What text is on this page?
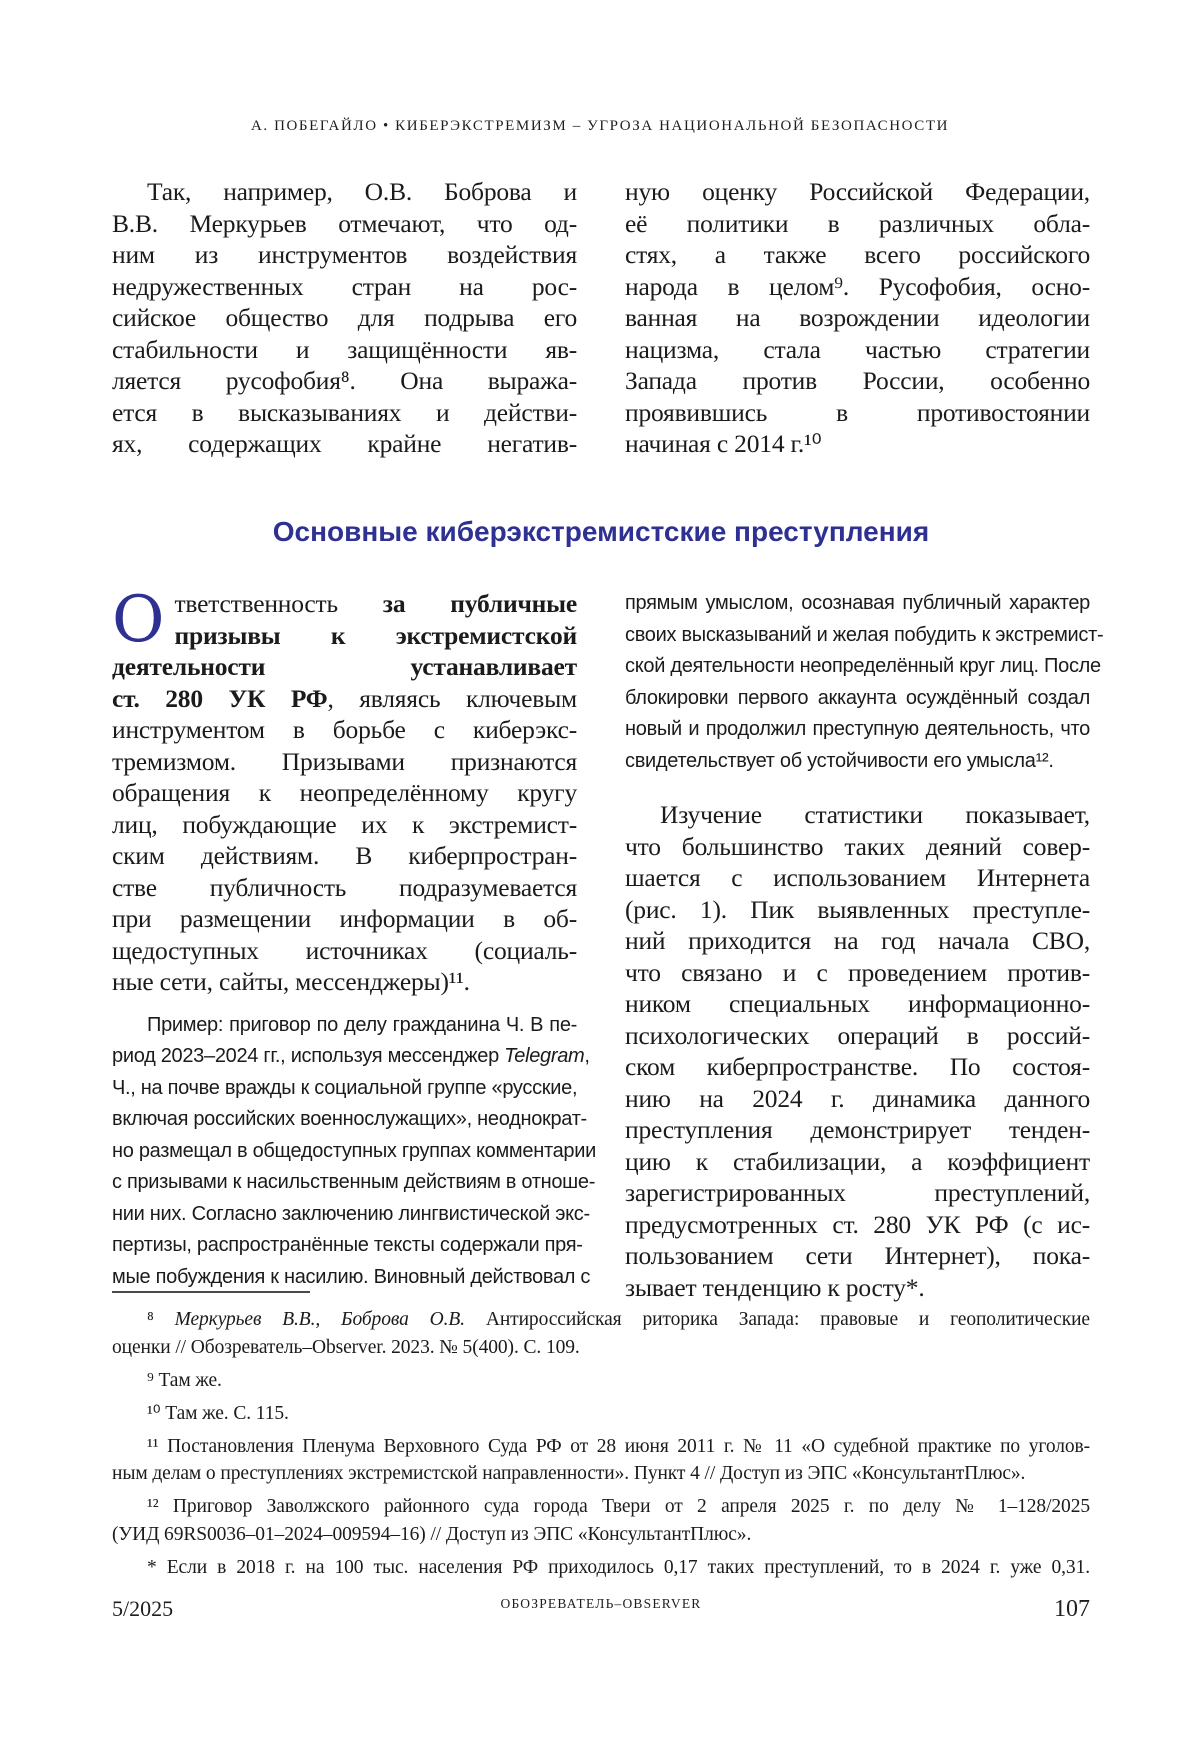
А. ПОБЕГАЙЛО • КИБЕРЭКСТРЕМИЗМ – УГРОЗА НАЦИОНАЛЬНОЙ БЕЗОПАСНОСТИ
Так, например, О.В. Боброва и
В.В. Меркурьев отмечают, что од-
ним из инструментов воздействия
недружественных стран на рос-
сийское общество для подрыва его
стабильности и защищённости яв-
ляется русофобия⁸. Она выража-
ется в высказываниях и действи-
ях, содержащих крайне негатив-
ную оценку Российской Федерации,
её политики в различных обла-
стях, а также всего российского
народа в целом⁹. Русофобия, осно-
ванная на возрождении идеологии
нацизма, стала частью стратегии
Запада против России, особенно
проявившись в противостоянии
начиная с 2014 г.¹⁰
Основные киберэкстремистские преступления
О тветственность за публичные
призывы к экстремистской
деятельности устанавливает
ст. 280 УК РФ, являясь ключевым
инструментом в борьбе с киберэкс-
тремизмом. Призывами признаются
обращения к неопределённому кругу
лиц, побуждающие их к экстремист-
ским действиям. В киберпростран-
стве публичность подразумевается
при размещении информации в об-
щедоступных источниках (социаль-
ные сети, сайты, мессенджеры)¹¹.
Пример: приговор по делу гражданина Ч. В пе-
риод 2023–2024 гг., используя мессенджер Telegram,
Ч., на почве вражды к социальной группе «русские,
включая российских военнослужащих», неоднократ-
но размещал в общедоступных группах комментарии
с призывами к насильственным действиям в отноше-
нии них. Согласно заключению лингвистической экс-
пертизы, распространённые тексты содержали пря-
мые побуждения к насилию. Виновный действовал с
прямым умыслом, осознавая публичный характер
своих высказываний и желая побудить к экстремист-
ской деятельности неопределённый круг лиц. После
блокировки первого аккаунта осуждённый создал
новый и продолжил преступную деятельность, что
свидетельствует об устойчивости его умысла¹².
Изучение статистики показывает,
что большинство таких деяний совер-
шается с использованием Интернета
(рис. 1). Пик выявленных преступле-
ний приходится на год начала СВО,
что связано и с проведением против-
ником специальных информационно-
психологических операций в россий-
ском киберпространстве. По состоя-
нию на 2024 г. динамика данного
преступления демонстрирует тенден-
цию к стабилизации, а коэффициент
зарегистрированных преступлений,
предусмотренных ст. 280 УК РФ (с ис-
пользованием сети Интернет), пока-
зывает тенденцию к росту*.
⁸ Меркурьев В.В., Боброва О.В. Антироссийская риторика Запада: правовые и геополитические
оценки // Обозреватель–Observer. 2023. № 5(400). С. 109.
⁹ Там же.
¹⁰ Там же. С. 115.
¹¹ Постановления Пленума Верховного Суда РФ от 28 июня 2011 г. № 11 «О судебной практике по уголов-
ным делам о преступлениях экстремистской направленности». Пункт 4 // Доступ из ЭПС «КонсультантПлюс».
¹² Приговор Заволжского районного суда города Твери от 2 апреля 2025 г. по делу № 1–128/2025
(УИД 69RS0036–01–2024–009594–16) // Доступ из ЭПС «КонсультантПлюс».
* Если в 2018 г. на 100 тыс. населения РФ приходилось 0,17 таких преступлений, то в 2024 г. уже 0,31.
5/2025	ОБОЗРЕВАТЕЛЬ–OBSERVER	107
